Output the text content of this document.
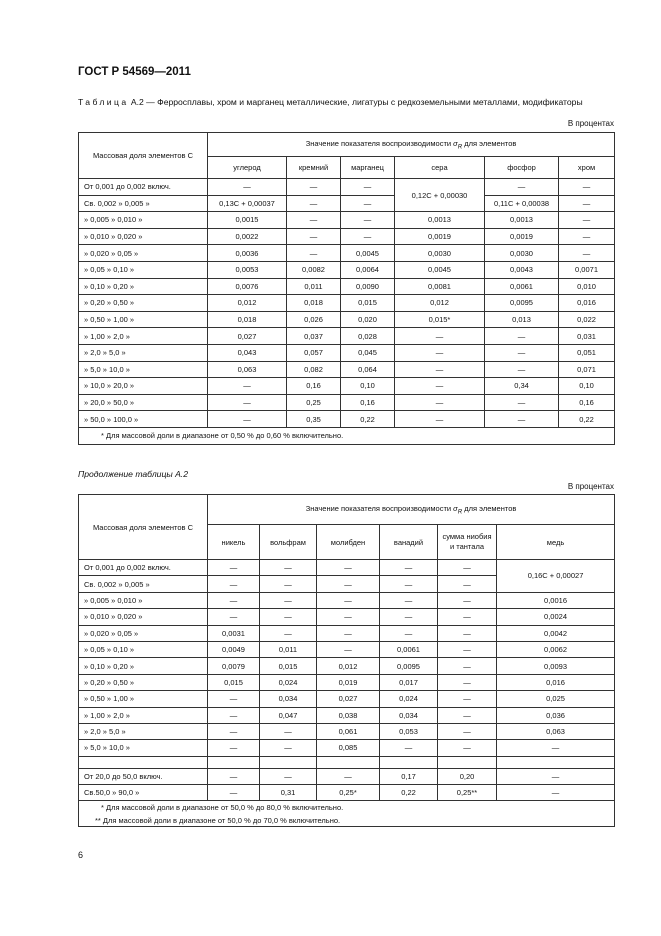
ГОСТ Р 54569—2011
Таблица А.2 — Ферросплавы, хром и марганец металлические, лигатуры с редкоземельными металлами, модификаторы
В процентах
Массовая доля элементов С	Значение показателя воспроизводимости $\sigma_R$ для элементов					
	углерод	кремний	марганец	сера	фосфор	хром
От 0,001 до 0,002 включ.	—	—	—	0,12C + 0,00030	—	—
Св. 0,002 » 0,005 »	0,13C + 0,00037	—	—		0,11C + 0,00038	—
» 0,005 » 0,010 »	0,0015	—	—	0,0013	0,0013	—
» 0,010 » 0,020 »	0,0022	—	—	0,0019	0,0019	—
» 0,020 » 0,05 »	0,0036	—	0,0045	0,0030	0,0030	—
» 0,05 » 0,10 »	0,0053	0,0082	0,0064	0,0045	0,0043	0,0071
» 0,10 » 0,20 »	0,0076	0,011	0,0090	0,0081	0,0061	0,010
» 0,20 » 0,50 »	0,012	0,018	0,015	0,012	0,0095	0,016
» 0,50 » 1,00 »	0,018	0,026	0,020	0,015*	0,013	0,022
» 1,00 » 2,0 »	0,027	0,037	0,028	—	—	0,031
» 2,0 » 5,0 »	0,043	0,057	0,045	—	—	0,051
» 5,0 » 10,0 »	0,063	0,082	0,064	—	—	0,071
» 10,0 » 20,0 »	—	0,16	0,10	—	0,34	0,10
» 20,0 » 50,0 »	—	0,25	0,16	—	—	0,16
» 50,0 » 100,0 »	—	0,35	0,22	—	—	0,22
* Для массовой доли в диапазоне от 0,50 % до 0,60 % включительно.						
Продолжение таблицы А.2
В процентах
Массовая доля элементов С	Значение показателя воспроизводимости $\sigma_R$ для элементов					
	никель	вольфрам	молибден	ванадий	сумма ниобия и тантала	медь
От 0,001 до 0,002 включ.	—	—	—	—	—	0,16C + 0,00027
Св. 0,002 » 0,005 »	—	—	—	—	—	
» 0,005 » 0,010 »	—	—	—	—	—	0,0016
» 0,010 » 0,020 »	—	—	—	—	—	0,0024
» 0,020 » 0,05 »	0,0031	—	—	—	—	0,0042
» 0,05 » 0,10 »	0,0049	0,011	—	0,0061	—	0,0062
» 0,10 » 0,20 »	0,0079	0,015	0,012	0,0095	—	0,0093
» 0,20 » 0,50 »	0,015	0,024	0,019	0,017	—	0,016
» 0,50 » 1,00 »	—	0,034	0,027	0,024	—	0,025
» 1,00 » 2,0 »	—	0,047	0,038	0,034	—	0,036
» 2,0 » 5,0 »	—	—	0,061	0,053	—	0,063
» 5,0 » 10,0 »	—	—	0,085	—	—	—

От 20,0 до 50,0 включ.	—	—	—	0,17	0,20	—
Св.50,0 » 90,0 »	—	0,31	0,25*	0,22	0,25**	—
* Для массовой доли в диапазоне от 50,0 % до 80,0 % включительно.						
** Для массовой доли в диапазоне от 50,0 % до 70,0 % включительно.						
6
